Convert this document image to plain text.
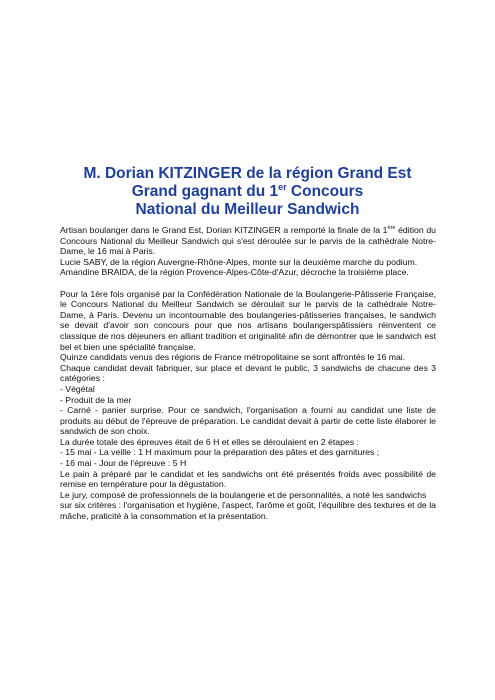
M. Dorian KITZINGER de la région Grand Est
Grand gagnant du 1er Concours
National du Meilleur Sandwich

Artisan boulanger dans le Grand Est, Dorian KITZINGER a remporté la finale de la 1ère édition du Concours National du Meilleur Sandwich qui s'est déroulée sur le parvis de la cathédrale Notre-Dame, le 16 mai à Paris.

Lucie SABY, de la région Auvergne-Rhône-Alpes, monte sur la deuxième marche du podium.

Amandine BRAIDA, de la région Provence-Alpes-Côte-d'Azur, décroche la troisième place.

Pour la 1ère fois organisé par la Confédération Nationale de la Boulangerie-Pâtisserie Française, le Concours National du Meilleur Sandwich se déroulait sur le parvis de la cathédrale Notre-Dame, à Paris. Devenu un incontournable des boulangeries-pâtisseries françaises, le sandwich se devait d'avoir son concours pour que nos artisans boulangerspâtissiers réinventent ce classique de nos déjeuners en alliant tradition et originalité afin de démontrer que le sandwich est bel et bien une spécialité française.

Quinze candidats venus des régions de France métropolitaine se sont affrontés le 16 mai.

Chaque candidat devait fabriquer, sur place et devant le public, 3 sandwichs de chacune des 3 catégories :

- Végétal

- Produit de la mer

- Carné - panier surprise. Pour ce sandwich, l'organisation a fourni au candidat une liste de produits au début de l'épreuve de préparation. Le candidat devait à partir de cette liste élaborer le sandwich de son choix.

La durée totale des épreuves était de 6 H et elles se déroulaient en 2 étapes :

- 15 mai - La veille : 1 H maximum pour la préparation des pâtes et des garnitures ;

- 16 mai - Jour de l'épreuve : 5 H

Le pain à préparé par le candidat et les sandwichs ont été présentés froids avec possibilité de remise en température pour la dégustation.

Le jury, composé de professionnels de la boulangerie et de personnalités, a noté les sandwichs

sur six critères : l'organisation et hygiène, l'aspect, l'arôme et goût, l'équilibre des textures et de la mâche, praticité à la consommation et la présentation.
